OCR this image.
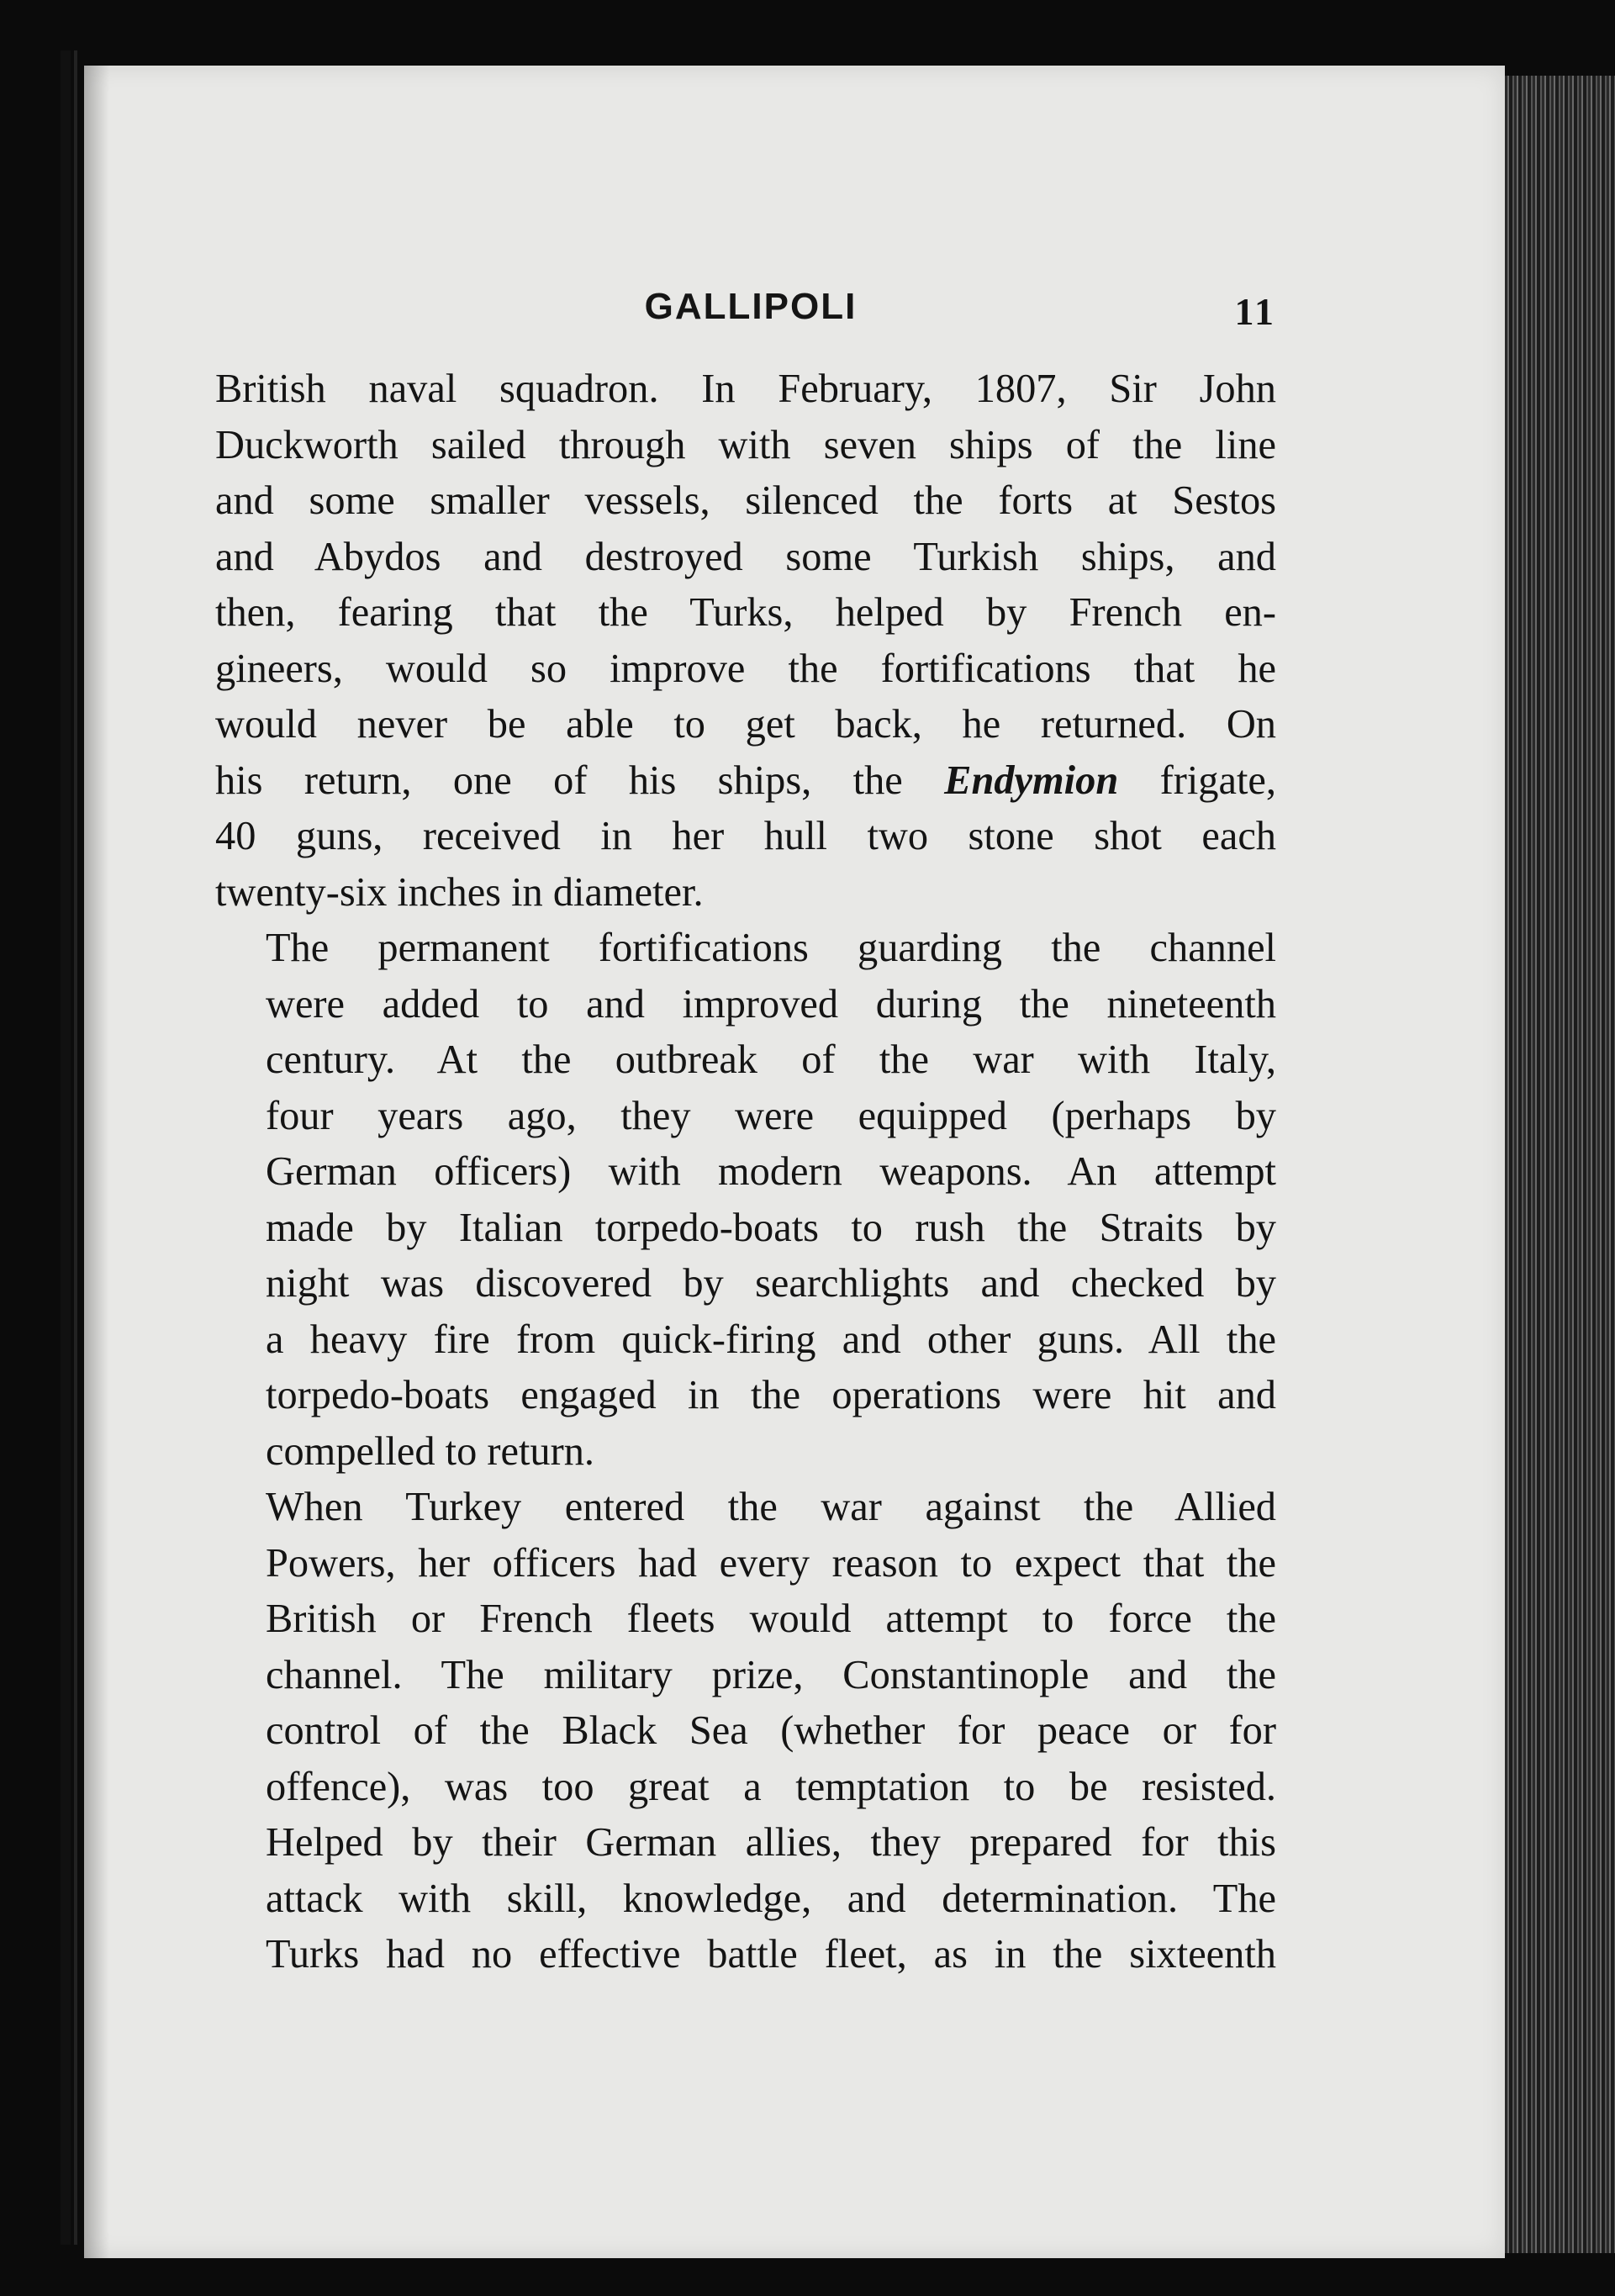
GALLIPOLI	11

British naval squadron. In February, 1807, Sir John
Duckworth sailed through with seven ships of the line
and some smaller vessels, silenced the forts at Sestos
and Abydos and destroyed some Turkish ships, and
then, fearing that the Turks, helped by French en-
gineers, would so improve the fortifications that he
would never be able to get back, he returned. On
his return, one of his ships, the Endymion frigate,
40 guns, received in her hull two stone shot each
twenty-six inches in diameter.

The permanent fortifications guarding the channel
were added to and improved during the nineteenth
century. At the outbreak of the war with Italy,
four years ago, they were equipped (perhaps by
German officers) with modern weapons. An attempt
made by Italian torpedo-boats to rush the Straits by
night was discovered by searchlights and checked by
a heavy fire from quick-firing and other guns. All the
torpedo-boats engaged in the operations were hit and
compelled to return.

When Turkey entered the war against the Allied
Powers, her officers had every reason to expect that the
British or French fleets would attempt to force the
channel. The military prize, Constantinople and the
control of the Black Sea (whether for peace or for
offence), was too great a temptation to be resisted.
Helped by their German allies, they prepared for this
attack with skill, knowledge, and determination. The
Turks had no effective battle fleet, as in the sixteenth
